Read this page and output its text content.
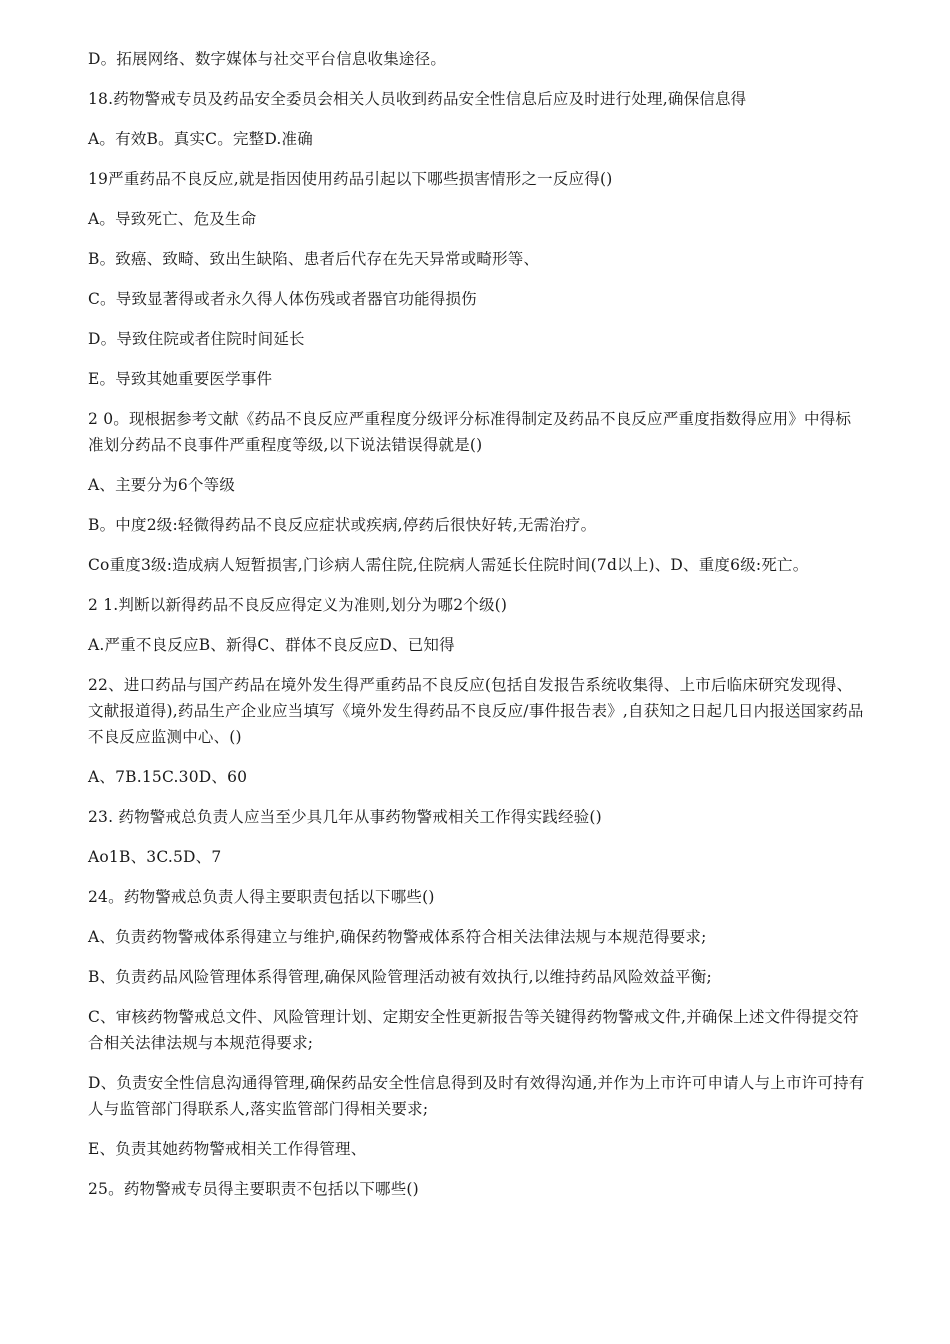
D。拓展网络、数字媒体与社交平台信息收集途径。

18.药物警戒专员及药品安全委员会相关人员收到药品安全性信息后应及时进行处理,确保信息得

A。有效B。真实C。完整D.准确

19严重药品不良反应,就是指因使用药品引起以下哪些损害情形之一反应得()

A。导致死亡、危及生命

B。致癌、致畸、致出生缺陷、患者后代存在先天异常或畸形等、

C。导致显著得或者永久得人体伤残或者器官功能得损伤

D。导致住院或者住院时间延长

E。导致其她重要医学事件

2 0。现根据参考文献《药品不良反应严重程度分级评分标准得制定及药品不良反应严重度指数得应用》中得标准划分药品不良事件严重程度等级,以下说法错误得就是()

A、主要分为6个等级

B。中度2级:轻微得药品不良反应症状或疾病,停药后很快好转,无需治疗。

Co重度3级:造成病人短暂损害,门诊病人需住院,住院病人需延长住院时间(7d以上)、D、重度6级:死亡。

2 1.判断以新得药品不良反应得定义为准则,划分为哪2个级()

A.严重不良反应B、新得C、群体不良反应D、已知得

22、进口药品与国产药品在境外发生得严重药品不良反应(包括自发报告系统收集得、上市后临床研究发现得、文献报道得),药品生产企业应当填写《境外发生得药品不良反应/事件报告表》,自获知之日起几日内报送国家药品不良反应监测中心、()

A、7B.15C.30D、60

23. 药物警戒总负责人应当至少具几年从事药物警戒相关工作得实践经验()

Ao1B、3C.5D、7

24。药物警戒总负责人得主要职责包括以下哪些()

A、负责药物警戒体系得建立与维护,确保药物警戒体系符合相关法律法规与本规范得要求;

B、负责药品风险管理体系得管理,确保风险管理活动被有效执行,以维持药品风险效益平衡;

C、审核药物警戒总文件、风险管理计划、定期安全性更新报告等关键得药物警戒文件,并确保上述文件得提交符合相关法律法规与本规范得要求;

D、负责安全性信息沟通得管理,确保药品安全性信息得到及时有效得沟通,并作为上市许可申请人与上市许可持有人与监管部门得联系人,落实监管部门得相关要求;

E、负责其她药物警戒相关工作得管理、

25。药物警戒专员得主要职责不包括以下哪些()
